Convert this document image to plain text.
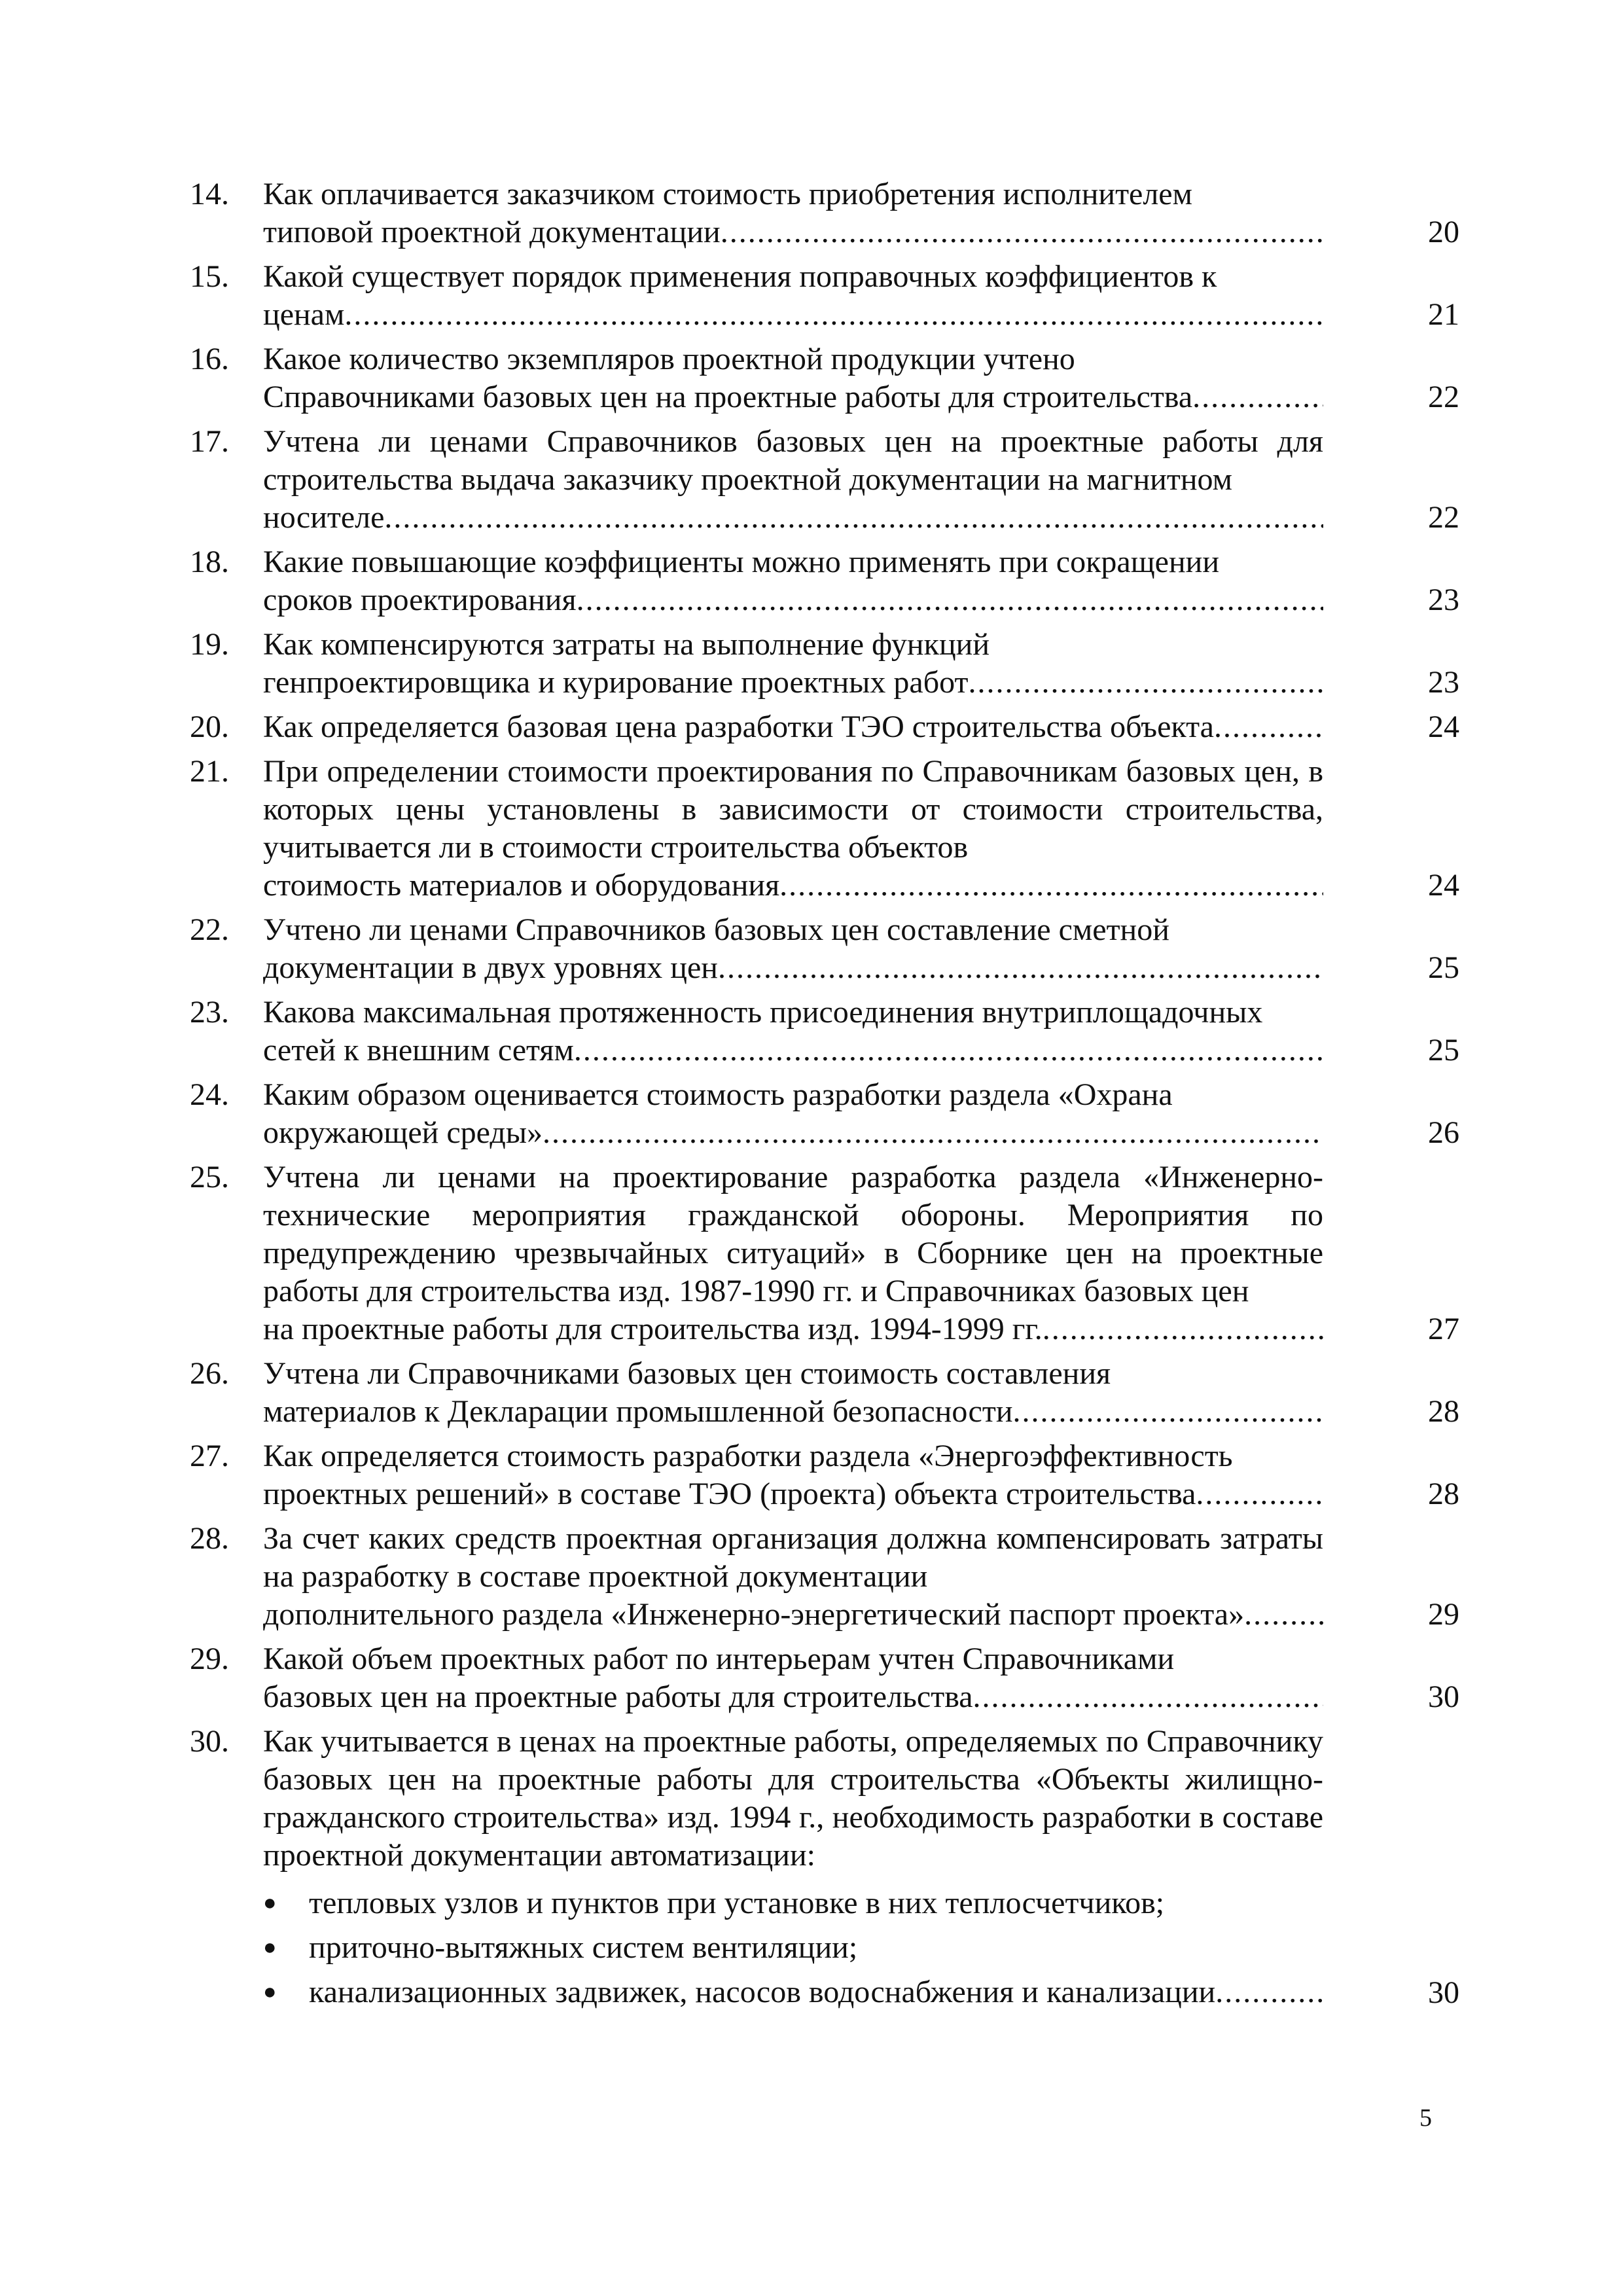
14.	Как оплачивается заказчиком стоимость приобретения исполнителем
типовой проектной документации .....	20
15.	Какой существует порядок применения поправочных коэффициентов к
ценам .....	21
16.	Какое количество экземпляров проектной продукции учтено
Справочниками базовых цен на проектные работы для строительства .....	22
17.	Учтена ли ценами Справочников базовых цен на проектные работы для строительства выдача заказчику проектной документации на магнитном
носителе .....	22
18.	Какие повышающие коэффициенты можно применять при сокращении
сроков проектирования .....	23
19.	Как компенсируются затраты на выполнение функций
генпроектировщика и курирование проектных работ .....	23
20.	Как определяется базовая цена разработки ТЭО строительства объекта .....	24
21.	При определении стоимости проектирования по Справочникам базовых цен, в которых цены установлены в зависимости от стоимости строительства, учитывается ли в стоимости строительства объектов
стоимость материалов и оборудования .....	24
22.	Учтено ли ценами Справочников базовых цен составление сметной
документации в двух уровнях цен .....	25
23.	Какова максимальная протяженность присоединения внутриплощадочных
сетей к внешним сетям .....	25
24.	Каким образом оценивается стоимость разработки раздела «Охрана
окружающей среды» .....	26
25.	Учтена ли ценами на проектирование разработка раздела «Инженерно-технические мероприятия гражданской обороны. Мероприятия по предупреждению чрезвычайных ситуаций» в Сборнике цен на проектные работы для строительства изд. 1987-1990 гг. и Справочниках базовых цен
на проектные работы для строительства изд. 1994-1999 гг. .....	27
26.	Учтена ли Справочниками базовых цен стоимость составления
материалов к Декларации промышленной безопасности .....	28
27.	Как определяется стоимость разработки раздела «Энергоэффективность
проектных решений» в составе ТЭО (проекта) объекта строительства .....	28
28.	За счет каких средств проектная организация должна компенсировать затраты на разработку в составе проектной документации
дополнительного раздела «Инженерно-энергетический паспорт проекта» .....	29
29.	Какой объем проектных работ по интерьерам учтен Справочниками
базовых цен на проектные работы для строительства .....	30
30.	Как учитывается в ценах на проектные работы, определяемых по Справочнику базовых цен на проектные работы для строительства «Объекты жилищно-гражданского строительства» изд. 1994 г., необходимость разработки в составе проектной документации автоматизации:
●	тепловых узлов и пунктов при установке в них теплосчетчиков;
●	приточно-вытяжных систем вентиляции;
●	канализационных задвижек, насосов водоснабжения и канализации .....	30
5
